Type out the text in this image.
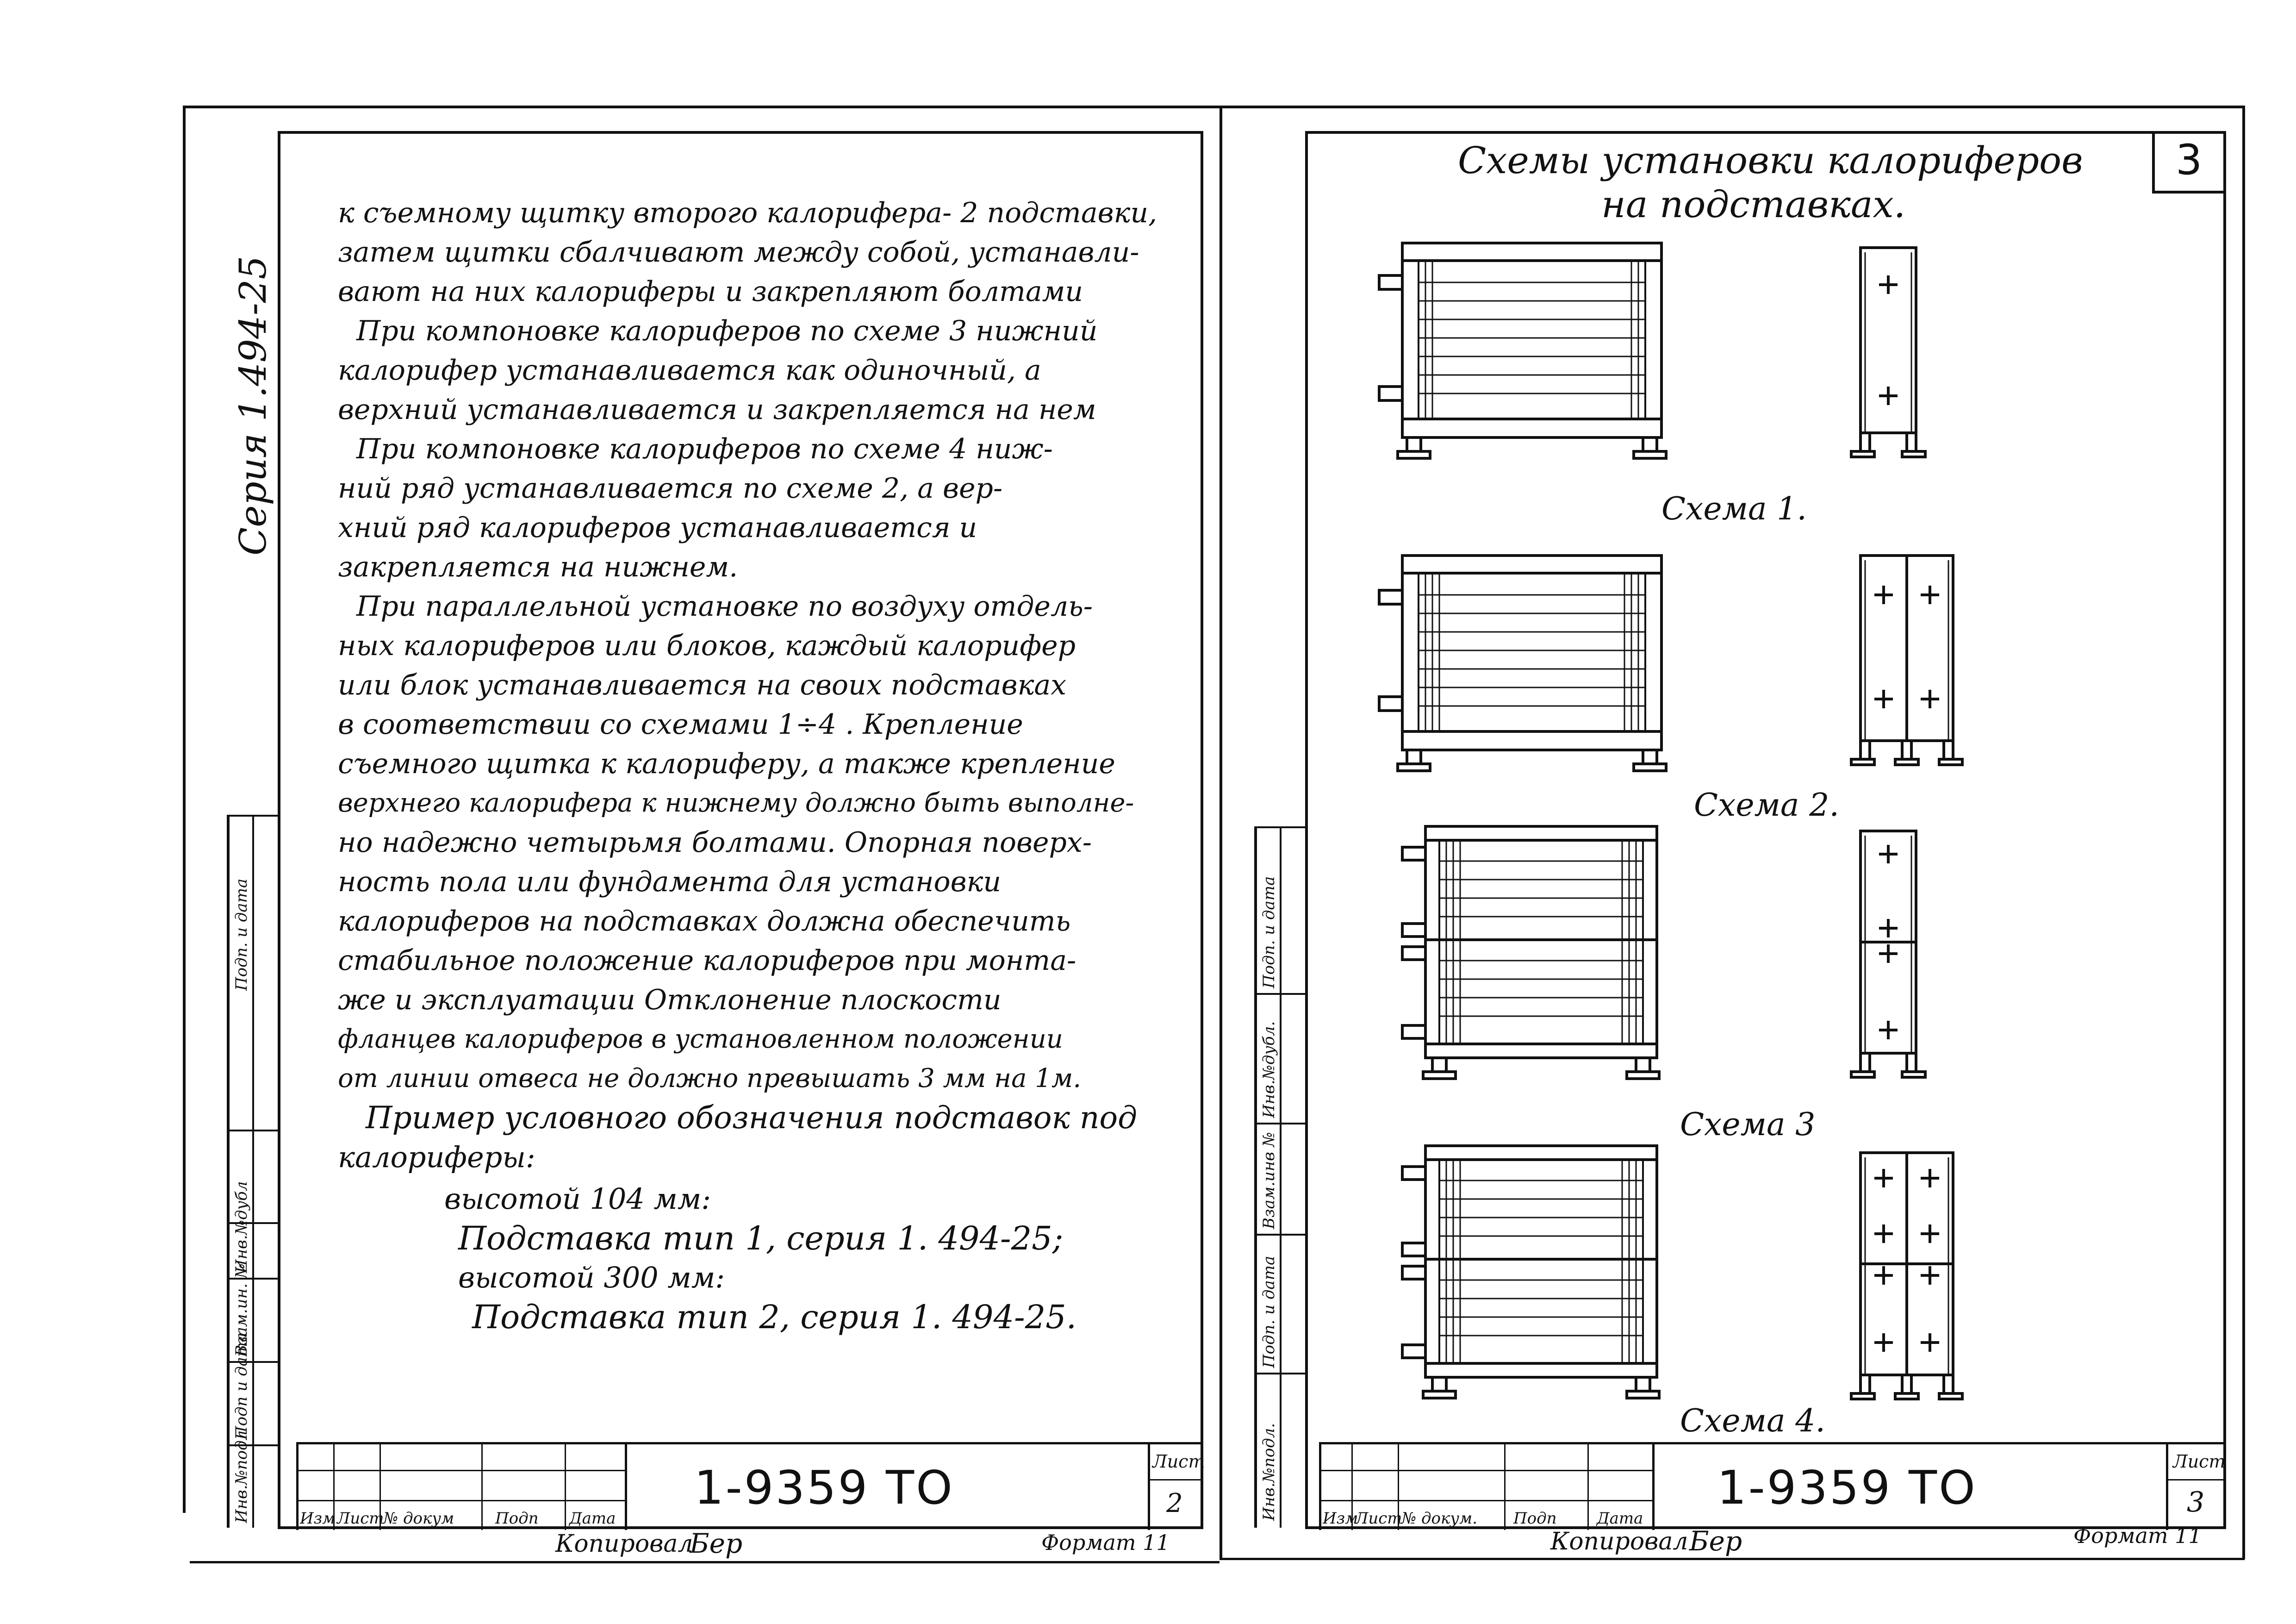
Серия 1.494-25
Инв.№подл
Подп и дата
Взам.ин. №
Инв.№дубл
Подп. и дата
к съемному щитку второго калорифера- 2 подставки,
затем щитки сбалчивают между собой, устанавли-
вают на них калориферы и закрепляют болтами
При компоновке калориферов по схеме 3 нижний
калорифер устанавливается как одиночный, а
верхний устанавливается и закрепляется на нем
При компоновке калориферов по схеме 4 ниж-
ний ряд устанавливается по схеме 2, а вер-
хний ряд калориферов устанавливается и
закрепляется на нижнем.
При параллельной установке по воздуху отдель-
ных калориферов или блоков, каждый калорифер
или блок устанавливается на своих подставках
в соответствии со схемами 1÷4 . Крепление
съемного щитка к калориферу, а также крепление
верхнего калорифера к нижнему должно быть выполне-
но надежно четырьмя болтами. Опорная поверх-
ность пола или фундамента для установки
калориферов на подставках должна обеспечить
стабильное положение калориферов при монта-
же и эксплуатации Отклонение плоскости
фланцев калориферов в установленном положении
от линии отвеса не должно превышать 3 мм на 1м.
Пример условного обозначения подставок под
калориферы:
высотой 104 мм:
Подставка тип 1, серия 1. 494-25;
высотой 300 мм:
Подставка тип 2, серия 1. 494-25.
Изм Лист
№ докум	Подп Дата
1-9359 ТО	Лист
2
Копировал
Бер	Формат 11
3
Схемы установки калориферов
на подставках.
Схема 1.
Схема 2.
Схема 3
Схема 4.
Инв.№подл.
Подп. и дата
Взам.инв №
Инв.№дубл.
Подп. и дата
Изм
Лист
№ докум. Подп	Дата
1-9359 ТО	Лист
3
Копировал Бер	Формат 11
